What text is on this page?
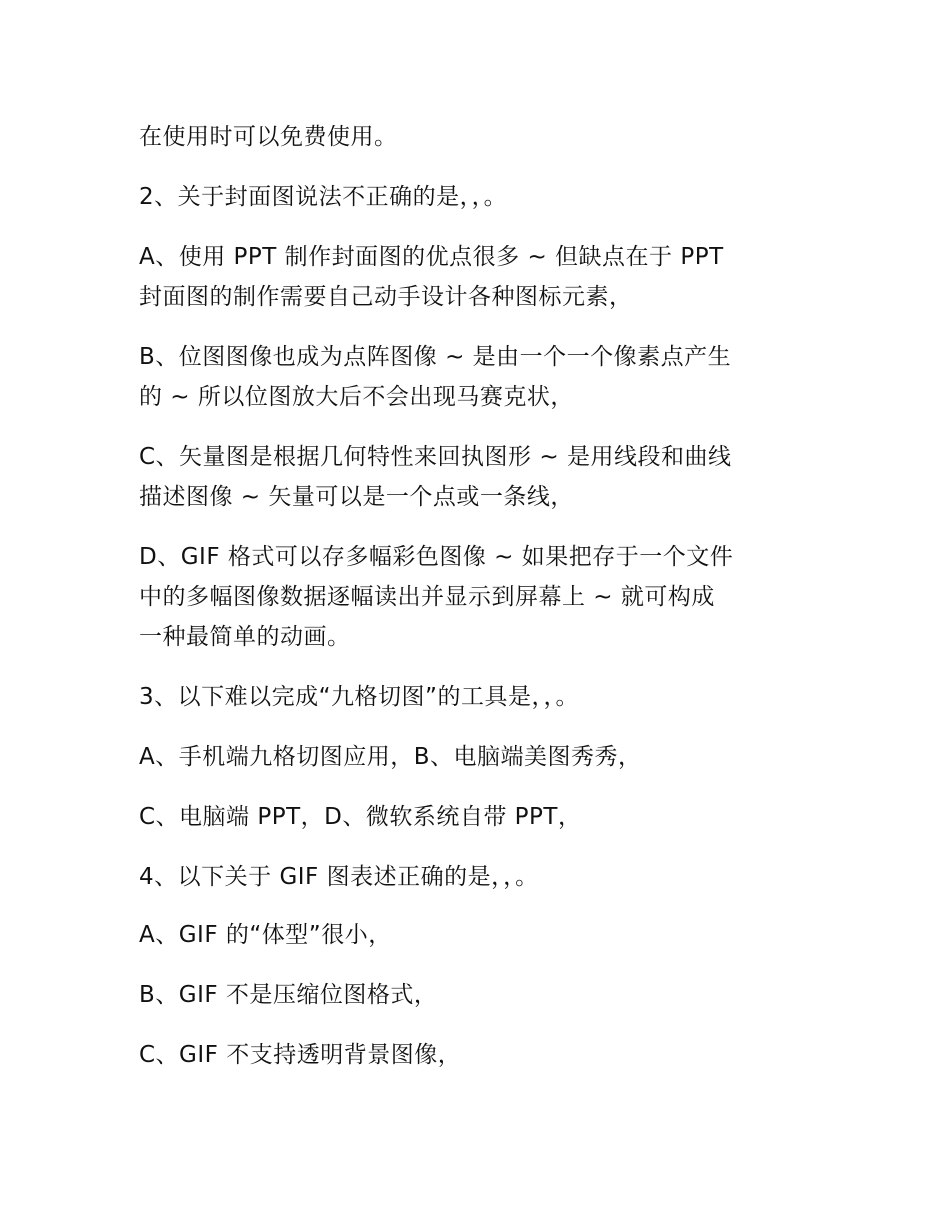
在使用时可以免费使用。
2、关于封面图说法不正确的是，，。
A、使用 PPT 制作封面图的优点很多 ~ 但缺点在于 PPT
封面图的制作需要自己动手设计各种图标元素，
B、位图图像也成为点阵图像 ~ 是由一个一个像素点产生
的 ~ 所以位图放大后不会出现马赛克状，
C、矢量图是根据几何特性来回执图形 ~ 是用线段和曲线
描述图像 ~ 矢量可以是一个点或一条线，
D、GIF 格式可以存多幅彩色图像 ~ 如果把存于一个文件
中的多幅图像数据逐幅读出并显示到屏幕上 ~ 就可构成
一种最简单的动画。
3、以下难以完成“九格切图”的工具是，，。
A、手机端九格切图应用，B、电脑端美图秀秀，
C、电脑端 PPT，D、微软系统自带 PPT，
4、以下关于 GIF 图表述正确的是，，。
A、GIF 的“体型”很小，
B、GIF 不是压缩位图格式，
C、GIF 不支持透明背景图像，
